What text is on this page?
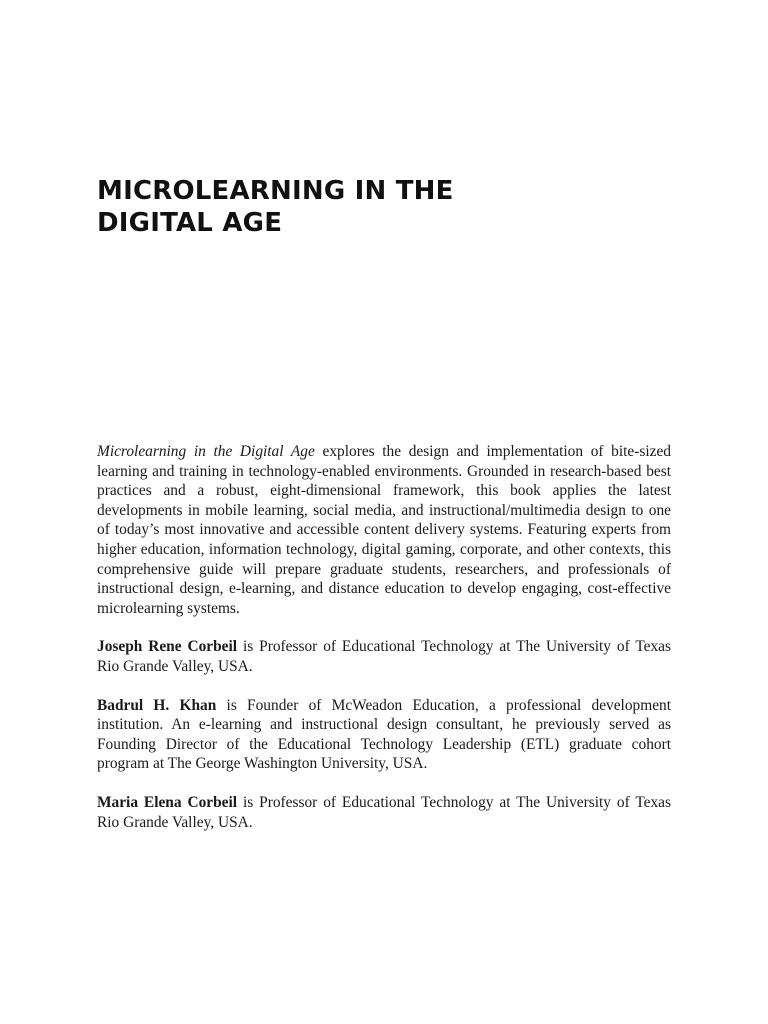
MICROLEARNING IN THE
DIGITAL AGE

Microlearning in the Digital Age explores the design and implementation of bite-sized learning and training in technology-enabled environments. Grounded in research-based best practices and a robust, eight-dimensional framework, this book applies the latest developments in mobile learning, social media, and instructional/multimedia design to one of today’s most innovative and accessible content delivery systems. Featuring experts from higher education, information technology, digital gaming, corporate, and other contexts, this comprehensive guide will prepare graduate students, researchers, and professionals of instructional design, e-learning, and distance education to develop engaging, cost-effective microlearning systems.

Joseph Rene Corbeil is Professor of Educational Technology at The University of Texas Rio Grande Valley, USA.

Badrul H. Khan is Founder of McWeadon Education, a professional development institution. An e-learning and instructional design consultant, he previously served as Founding Director of the Educational Technology Leadership (ETL) graduate cohort program at The George Washington University, USA.

Maria Elena Corbeil is Professor of Educational Technology at The University of Texas Rio Grande Valley, USA.
